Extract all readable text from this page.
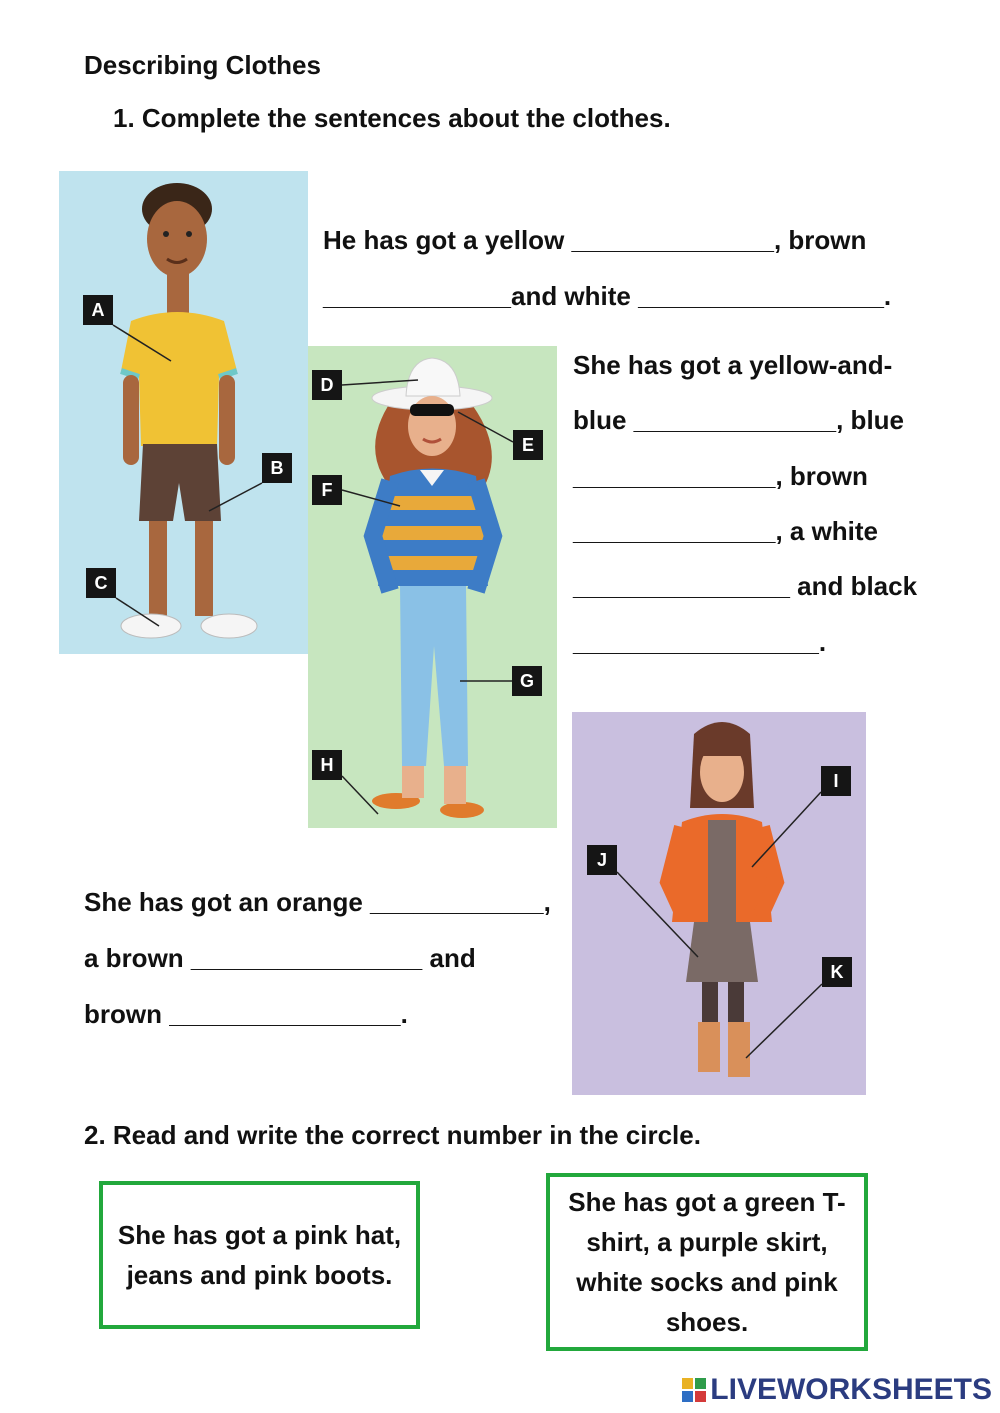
Describing Clothes
1. Complete the sentences about the clothes.
A
B
C
He has got a yellow ______________, brown
_____________and white _________________.
D
E
F
G
H
She has got a yellow-and-
blue ______________, blue
______________, brown
______________, a white
_______________ and black
_________________.
I
J
K
She has got an orange ____________,
a brown ________________ and
brown ________________.
2. Read and write the correct number in the circle.
She has got a pink hat, jeans and pink boots.
She has got a green T-shirt, a purple skirt, white socks and pink shoes.
LIVEWORKSHEETS
